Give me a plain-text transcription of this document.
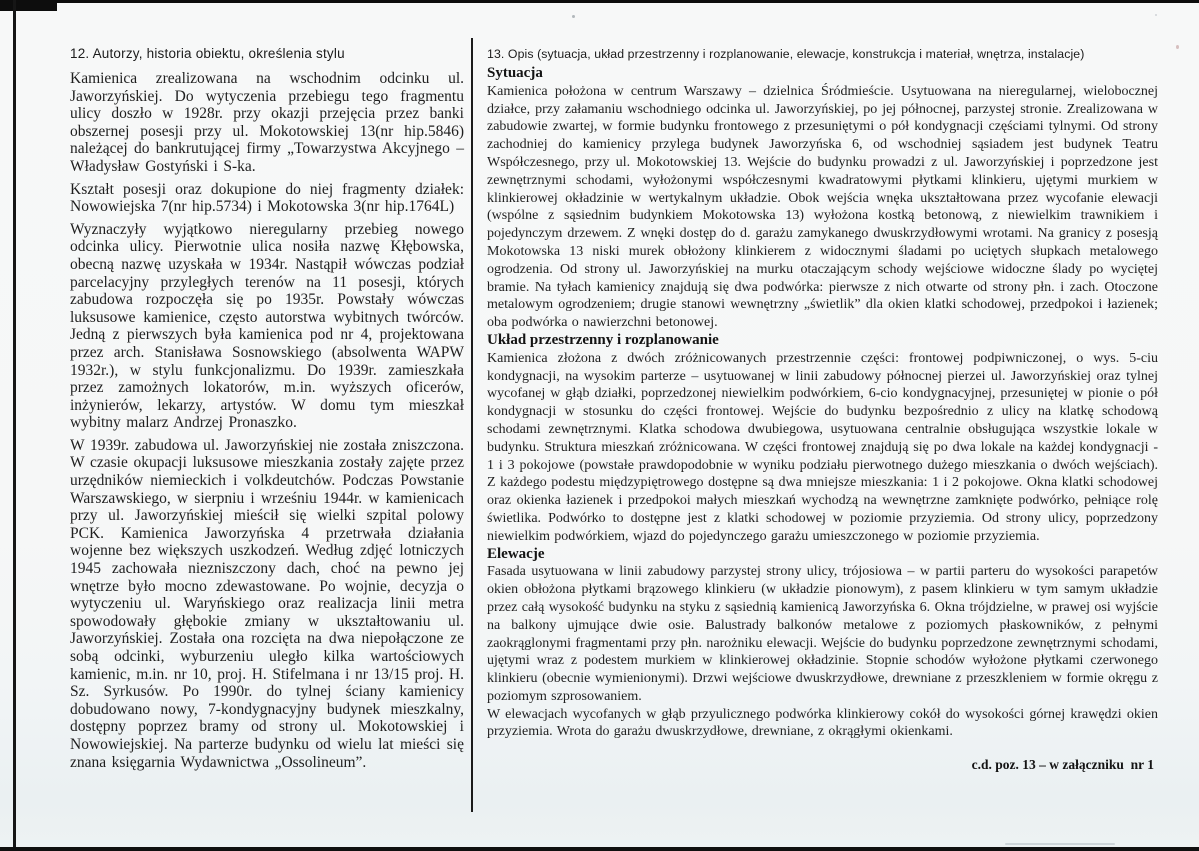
12. Autorzy, historia obiektu, określenia stylu

Kamienica zrealizowana na wschodnim odcinku ul. Jaworzyńskiej. Do wytyczenia przebiegu tego fragmentu ulicy doszło w 1928r. przy okazji przejęcia przez banki obszernej posesji przy ul. Mokotowskiej 13(nr hip.5846) należącej do bankrutującej firmy „Towarzystwa Akcyjnego – Władysław Gostyński i S-ka.

Kształt posesji oraz dokupione do niej fragmenty działek: Nowowiejska 7(nr hip.5734) i Mokotowska 3(nr hip.1764L)

Wyznaczyły wyjątkowo nieregularny przebieg nowego odcinka ulicy. Pierwotnie ulica nosiła nazwę Kłębowska, obecną nazwę uzyskała w 1934r. Nastąpił wówczas podział parcelacyjny przyległych terenów na 11 posesji, których zabudowa rozpoczęła się po 1935r. Powstały wówczas luksusowe kamienice, często autorstwa wybitnych twórców. Jedną z pierwszych była kamienica pod nr 4, projektowana przez arch. Stanisława Sosnowskiego (absolwenta WAPW 1932r.), w stylu funkcjonalizmu. Do 1939r. zamieszkała przez zamożnych lokatorów, m.in. wyższych oficerów, inżynierów, lekarzy, artystów. W domu tym mieszkał wybitny malarz Andrzej Pronaszko.

W 1939r. zabudowa ul. Jaworzyńskiej nie została zniszczona. W czasie okupacji luksusowe mieszkania zostały zajęte przez urzędników niemieckich i volkdeutchów. Podczas Powstanie Warszawskiego, w sierpniu i wrześniu 1944r. w kamienicach przy ul. Jaworzyńskiej mieścił się wielki szpital polowy PCK. Kamienica Jaworzyńska 4 przetrwała działania wojenne bez większych uszkodzeń. Według zdjęć lotniczych 1945 zachowała niezniszczony dach, choć na pewno jej wnętrze było mocno zdewastowane. Po wojnie, decyzja o wytyczeniu ul. Waryńskiego oraz realizacja linii metra spowodowały głębokie zmiany w ukształtowaniu ul. Jaworzyńskiej. Została ona rozcięta na dwa niepołączone ze sobą odcinki, wyburzeniu uległo kilka wartościowych kamienic, m.in. nr 10, proj. H. Stifelmana i nr 13/15 proj. H. Sz. Syrkusów. Po 1990r. do tylnej ściany kamienicy dobudowano nowy, 7-kondygnacyjny budynek mieszkalny, dostępny poprzez bramy od strony ul. Mokotowskiej i Nowowiejskiej. Na parterze budynku od wielu lat mieści się znana księgarnia Wydawnictwa „Ossolineum”.

13. Opis (sytuacja, układ przestrzenny i rozplanowanie, elewacje, konstrukcja i materiał, wnętrza, instalacje)
Sytuacja

Kamienica położona w centrum Warszawy – dzielnica Śródmieście. Usytuowana na nieregularnej, wielobocznej działce, przy załamaniu wschodniego odcinka ul. Jaworzyńskiej, po jej północnej, parzystej stronie. Zrealizowana w zabudowie zwartej, w formie budynku frontowego z przesuniętymi o pół kondygnacji częściami tylnymi. Od strony zachodniej do kamienicy przylega budynek Jaworzyńska 6, od wschodniej sąsiadem jest budynek Teatru Współczesnego, przy ul. Mokotowskiej 13. Wejście do budynku prowadzi z ul. Jaworzyńskiej i poprzedzone jest zewnętrznymi schodami, wyłożonymi współczesnymi kwadratowymi płytkami klinkieru, ujętymi murkiem w klinkierowej okładzinie w wertykalnym układzie. Obok wejścia wnęka ukształtowana przez wycofanie elewacji (wspólne z sąsiednim budynkiem Mokotowska 13) wyłożona kostką betonową, z niewielkim trawnikiem i pojedynczym drzewem. Z wnęki dostęp do d. garażu zamykanego dwuskrzydłowymi wrotami. Na granicy z posesją Mokotowska 13 niski murek obłożony klinkierem z widocznymi śladami po uciętych słupkach metalowego ogrodzenia. Od strony ul. Jaworzyńskiej na murku otaczającym schody wejściowe widoczne ślady po wyciętej bramie. Na tyłach kamienicy znajdują się dwa podwórka: pierwsze z nich otwarte od strony płn. i zach. Otoczone metalowym ogrodzeniem; drugie stanowi wewnętrzny „świetlik” dla okien klatki schodowej, przedpokoi i łazienek; oba podwórka o nawierzchni betonowej.

Układ przestrzenny i rozplanowanie

Kamienica złożona z dwóch zróżnicowanych przestrzennie części: frontowej podpiwniczonej, o wys. 5-ciu kondygnacji, na wysokim parterze – usytuowanej w linii zabudowy północnej pierzei ul. Jaworzyńskiej oraz tylnej wycofanej w głąb działki, poprzedzonej niewielkim podwórkiem, 6-cio kondygnacyjnej, przesuniętej w pionie o pół kondygnacji w stosunku do części frontowej. Wejście do budynku bezpośrednio z ulicy na klatkę schodową schodami zewnętrznymi. Klatka schodowa dwubiegowa, usytuowana centralnie obsługująca wszystkie lokale w budynku. Struktura mieszkań zróżnicowana. W części frontowej znajdują się po dwa lokale na każdej kondygnacji - 1 i 3 pokojowe (powstałe prawdopodobnie w wyniku podziału pierwotnego dużego mieszkania o dwóch wejściach). Z każdego podestu międzypiętrowego dostępne są dwa mniejsze mieszkania: 1 i 2 pokojowe. Okna klatki schodowej oraz okienka łazienek i przedpokoi małych mieszkań wychodzą na wewnętrzne zamknięte podwórko, pełniące rolę świetlika. Podwórko to dostępne jest z klatki schodowej w poziomie przyziemia. Od strony ulicy, poprzedzony niewielkim podwórkiem, wjazd do pojedynczego garażu umieszczonego w poziomie przyziemia.

Elewacje

Fasada usytuowana w linii zabudowy parzystej strony ulicy, trójosiowa – w partii parteru do wysokości parapetów okien obłożona płytkami brązowego klinkieru (w układzie pionowym), z pasem klinkieru w tym samym układzie przez całą wysokość budynku na styku z sąsiednią kamienicą Jaworzyńska 6. Okna trójdzielne, w prawej osi wyjście na balkony ujmujące dwie osie. Balustrady balkonów metalowe z poziomych płaskowników, z pełnymi zaokrąglonymi fragmentami przy płn. narożniku elewacji. Wejście do budynku poprzedzone zewnętrznymi schodami, ujętymi wraz z podestem murkiem w klinkierowej okładzinie. Stopnie schodów wyłożone płytkami czerwonego klinkieru (obecnie wymienionymi). Drzwi wejściowe dwuskrzydłowe, drewniane z przeszkleniem w formie okręgu z poziomym szprosowaniem.

W elewacjach wycofanych w głąb przyulicznego podwórka klinkierowy cokół do wysokości górnej krawędzi okien przyziemia. Wrota do garażu dwuskrzydłowe, drewniane, z okrągłymi okienkami.

c.d. poz. 13 – w załączniku  nr 1
